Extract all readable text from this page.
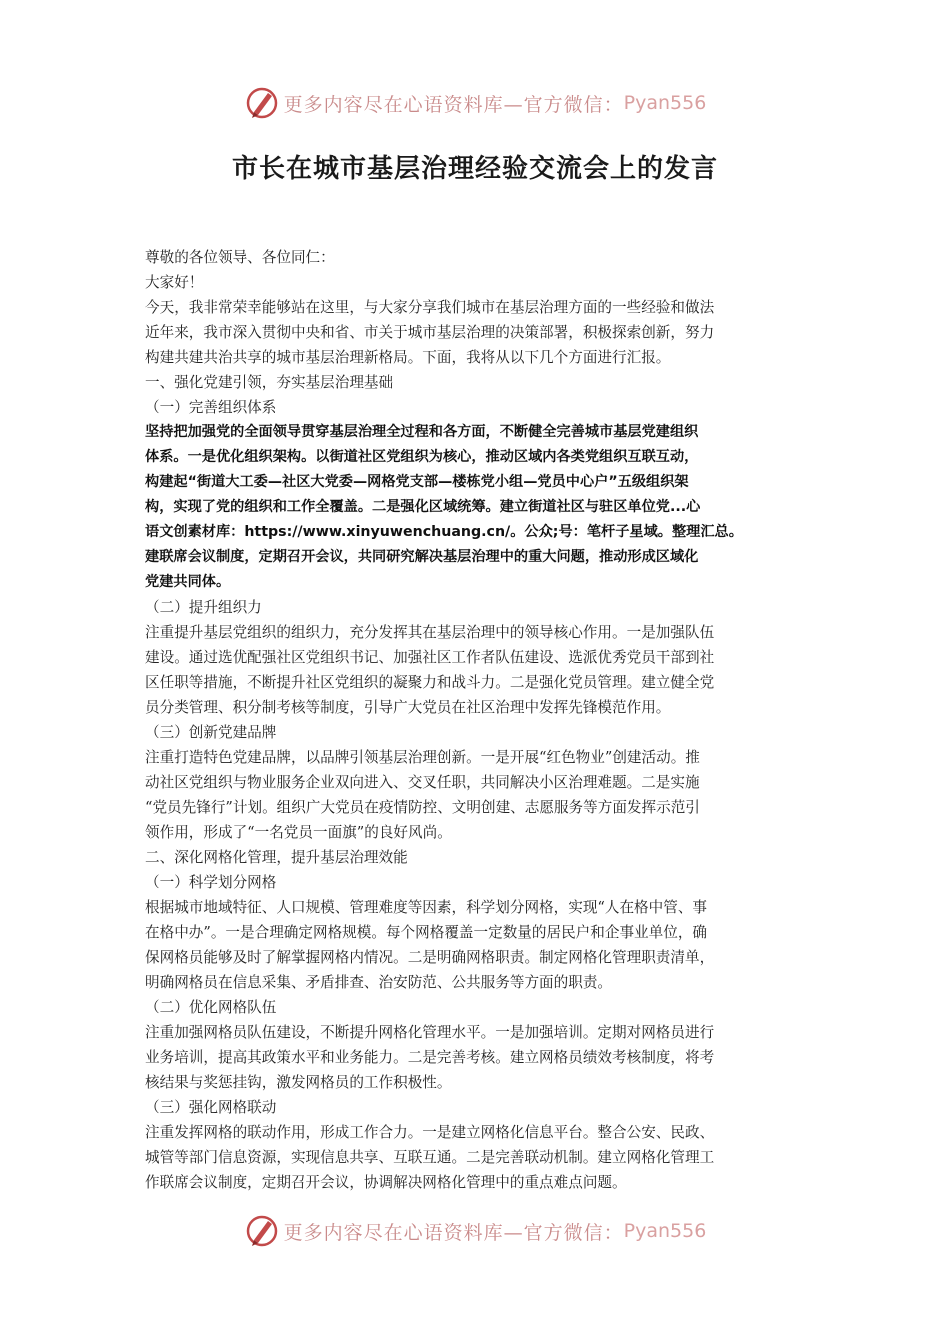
更多内容尽在心语资料库—官方微信： Pyan556
市长在城市基层治理经验交流会上的发言

尊敬的各位领导、各位同仁：

大家好！

今天，我非常荣幸能够站在这里，与大家分享我们城市在基层治理方面的一些经验和做法

近年来，我市深入贯彻中央和省、市关于城市基层治理的决策部署，积极探索创新，努力

构建共建共治共享的城市基层治理新格局。下面，我将从以下几个方面进行汇报。

一、强化党建引领，夯实基层治理基础

（一）完善组织体系

坚持把加强党的全面领导贯穿基层治理全过程和各方面，不断健全完善城市基层党建组织

体系。一是优化组织架构。以街道社区党组织为核心，推动区域内各类党组织互联互动，

构建起“街道大工委—社区大党委—网格党支部—楼栋党小组—党员中心户”五级组织架

构，实现了党的组织和工作全覆盖。二是强化区域统筹。建立街道社区与驻区单位党...心

语文创素材库：https://www.xinyuwenchuang.cn/。公众;号：笔杆子星域。整理汇总。

建联席会议制度，定期召开会议，共同研究解决基层治理中的重大问题，推动形成区域化

党建共同体。

（二）提升组织力

注重提升基层党组织的组织力，充分发挥其在基层治理中的领导核心作用。一是加强队伍

建设。通过选优配强社区党组织书记、加强社区工作者队伍建设、选派优秀党员干部到社

区任职等措施，不断提升社区党组织的凝聚力和战斗力。二是强化党员管理。建立健全党

员分类管理、积分制考核等制度，引导广大党员在社区治理中发挥先锋模范作用。

（三）创新党建品牌

注重打造特色党建品牌，以品牌引领基层治理创新。一是开展“红色物业”创建活动。推

动社区党组织与物业服务企业双向进入、交叉任职，共同解决小区治理难题。二是实施

“党员先锋行”计划。组织广大党员在疫情防控、文明创建、志愿服务等方面发挥示范引

领作用，形成了“一名党员一面旗”的良好风尚。

二、深化网格化管理，提升基层治理效能

（一）科学划分网格

根据城市地域特征、人口规模、管理难度等因素，科学划分网格，实现“人在格中管、事

在格中办”。一是合理确定网格规模。每个网格覆盖一定数量的居民户和企事业单位，确

保网格员能够及时了解掌握网格内情况。二是明确网格职责。制定网格化管理职责清单，

明确网格员在信息采集、矛盾排查、治安防范、公共服务等方面的职责。

（二）优化网格队伍

注重加强网格员队伍建设，不断提升网格化管理水平。一是加强培训。定期对网格员进行

业务培训，提高其政策水平和业务能力。二是完善考核。建立网格员绩效考核制度，将考

核结果与奖惩挂钩，激发网格员的工作积极性。

（三）强化网格联动

注重发挥网格的联动作用，形成工作合力。一是建立网格化信息平台。整合公安、民政、

城管等部门信息资源，实现信息共享、互联互通。二是完善联动机制。建立网格化管理工

作联席会议制度，定期召开会议，协调解决网格化管理中的重点难点问题。

更多内容尽在心语资料库—官方微信： Pyan556
